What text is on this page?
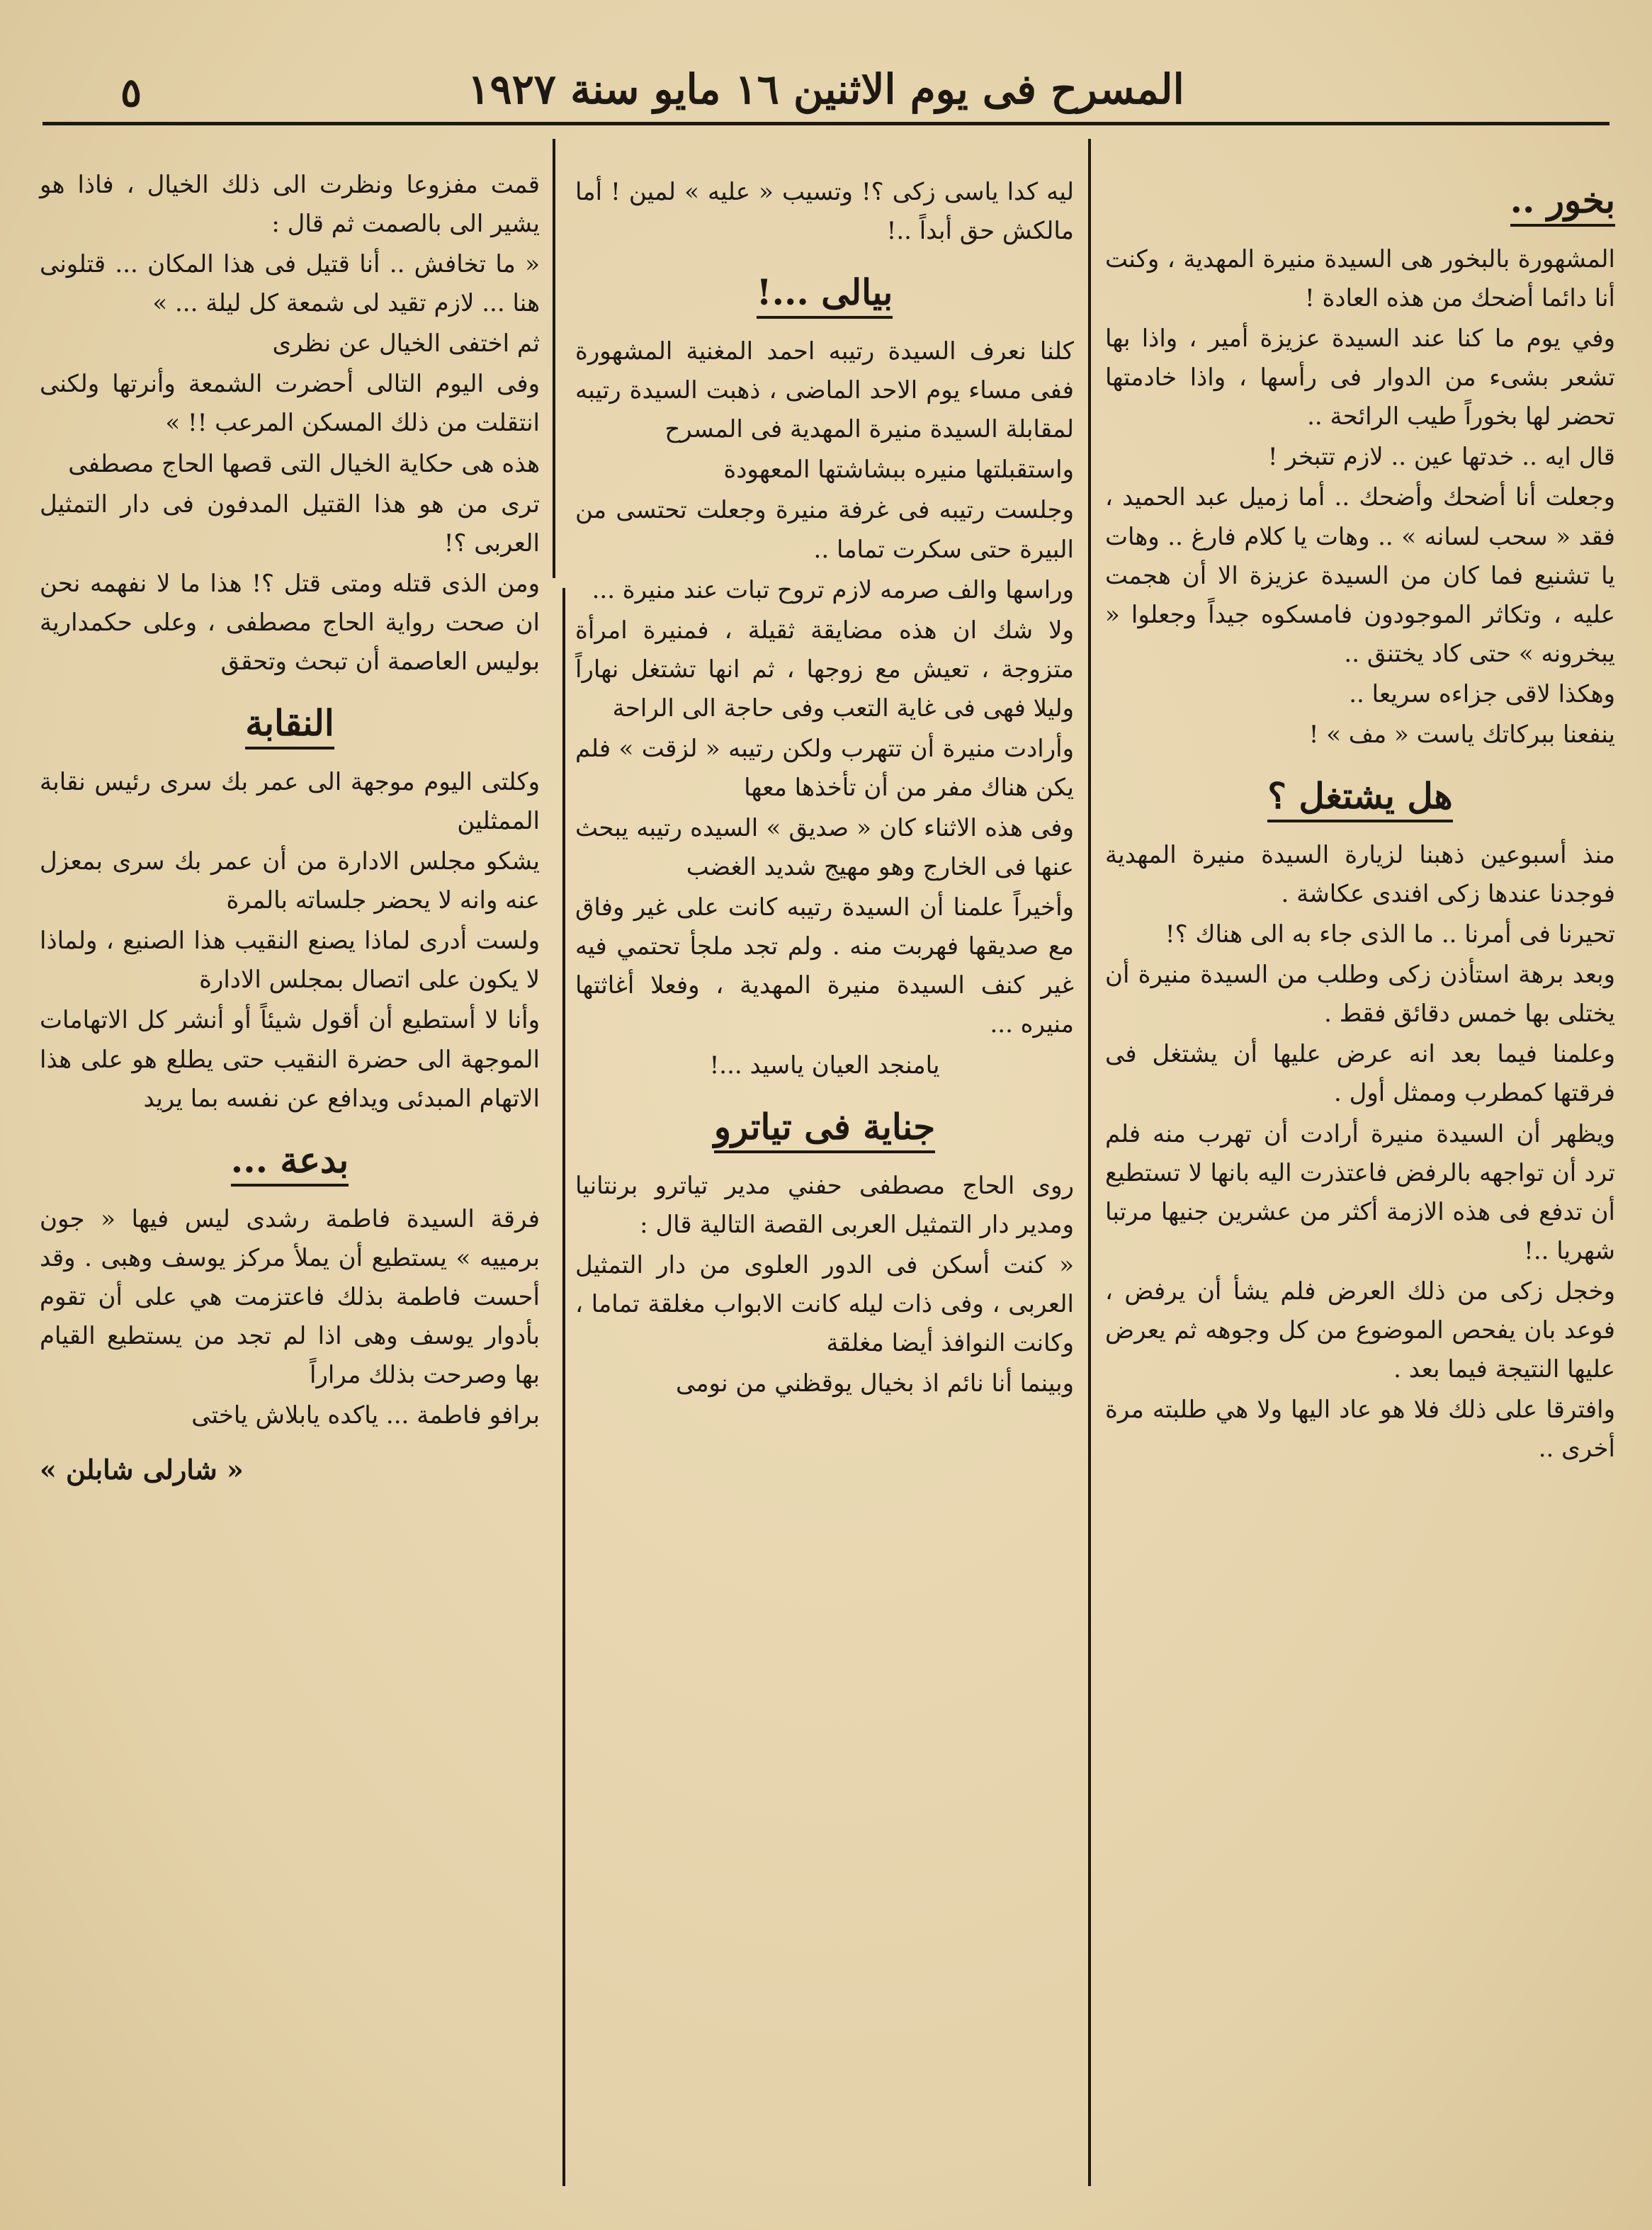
المسرح فى يوم الاثنين ١٦ مايو سنة ١٩٢٧
٥
بخور ..

المشهورة بالبخور هى السيدة منيرة المهدية ، وكنت أنا دائما أضحك من هذه العادة !

وفي يوم ما كنا عند السيدة عزيزة أمير ، واذا بها تشعر بشىء من الدوار فى رأسها ، واذا خادمتها تحضر لها بخوراً طيب الرائحة ..

قال ايه .. خدتها عين .. لازم تتبخر !

وجعلت أنا أضحك وأضحك .. أما زميل عبد الحميد ، فقد « سحب لسانه » .. وهات يا كلام فارغ .. وهات يا تشنيع فما كان من السيدة عزيزة الا أن هجمت عليه ، وتكاثر الموجودون فامسكوه جيداً وجعلوا « يبخرونه » حتى كاد يختنق ..

وهكذا لاقى جزاءه سريعا ..

ينفعنا ببركاتك ياست « مف » !

هل يشتغل ؟

منذ أسبوعين ذهبنا لزيارة السيدة منيرة المهدية فوجدنا عندها زكى افندى عكاشة .

تحيرنا فى أمرنا .. ما الذى جاء به الى هناك ؟!

وبعد برهة استأذن زكى وطلب من السيدة منيرة أن يختلى بها خمس دقائق فقط .

وعلمنا فيما بعد انه عرض عليها أن يشتغل فى فرقتها كمطرب وممثل أول .

ويظهر أن السيدة منيرة أرادت أن تهرب منه فلم ترد أن تواجهه بالرفض فاعتذرت اليه بانها لا تستطيع أن تدفع فى هذه الازمة أكثر من عشرين جنيها مرتبا شهريا ..!

وخجل زكى من ذلك العرض فلم يشأ أن يرفض ، فوعد بان يفحص الموضوع من كل وجوهه ثم يعرض عليها النتيجة فيما بعد .

وافترقا على ذلك فلا هو عاد اليها ولا هي طلبته مرة أخرى ..

ليه كدا ياسى زكى ؟! وتسيب « عليه » لمين ! أما مالكش حق أبداً ..!

بيالى ...!

كلنا نعرف السيدة رتيبه احمد المغنية المشهورة ففى مساء يوم الاحد الماضى ، ذهبت السيدة رتيبه لمقابلة السيدة منيرة المهدية فى المسرح

واستقبلتها منيره ببشاشتها المعهودة

وجلست رتيبه فى غرفة منيرة وجعلت تحتسى من البيرة حتى سكرت تماما ..

وراسها والف صرمه لازم تروح تبات عند منيرة ...

ولا شك ان هذه مضايقة ثقيلة ، فمنيرة امرأة متزوجة ، تعيش مع زوجها ، ثم انها تشتغل نهاراً وليلا فهى فى غاية التعب وفى حاجة الى الراحة

وأرادت منيرة أن تتهرب ولكن رتيبه « لزقت » فلم يكن هناك مفر من أن تأخذها معها

وفى هذه الاثناء كان « صديق » السيده رتيبه يبحث عنها فى الخارج وهو مهيج شديد الغضب

وأخيراً علمنا أن السيدة رتيبه كانت على غير وفاق مع صديقها فهربت منه . ولم تجد ملجأ تحتمي فيه غير كنف السيدة منيرة المهدية ، وفعلا أغاثتها منيره ...

يامنجد العيان ياسيد ...!

جناية فى تياترو

روى الحاج مصطفى حفني مدير تياترو برنتانيا ومدير دار التمثيل العربى القصة التالية قال :

« كنت أسكن فى الدور العلوى من دار التمثيل العربى ، وفى ذات ليله كانت الابواب مغلقة تماما ، وكانت النوافذ أيضا مغلقة

وبينما أنا نائم اذ بخيال يوقظني من نومى

قمت مفزوعا ونظرت الى ذلك الخيال ، فاذا هو يشير الى بالصمت ثم قال :

« ما تخافش .. أنا قتيل فى هذا المكان ... قتلونى هنا ... لازم تقيد لى شمعة كل ليلة ... »

ثم اختفى الخيال عن نظرى

وفى اليوم التالى أحضرت الشمعة وأنرتها ولكنى انتقلت من ذلك المسكن المرعب !! »

هذه هى حكاية الخيال التى قصها الحاج مصطفى

ترى من هو هذا القتيل المدفون فى دار التمثيل العربى ؟!

ومن الذى قتله ومتى قتل ؟! هذا ما لا نفهمه نحن ان صحت رواية الحاج مصطفى ، وعلى حكمدارية بوليس العاصمة أن تبحث وتحقق

النقابة

وكلتى اليوم موجهة الى عمر بك سرى رئيس نقابة الممثلين

يشكو مجلس الادارة من أن عمر بك سرى بمعزل عنه وانه لا يحضر جلساته بالمرة

ولست أدرى لماذا يصنع النقيب هذا الصنيع ، ولماذا لا يكون على اتصال بمجلس الادارة

وأنا لا أستطيع أن أقول شيئاً أو أنشر كل الاتهامات الموجهة الى حضرة النقيب حتى يطلع هو على هذا الاتهام المبدئى ويدافع عن نفسه بما يريد

بدعة ...

فرقة السيدة فاطمة رشدى ليس فيها « جون برمييه » يستطيع أن يملأ مركز يوسف وهبى . وقد أحست فاطمة بذلك فاعتزمت هي على أن تقوم بأدوار يوسف وهى اذا لم تجد من يستطيع القيام بها وصرحت بذلك مراراً

برافو فاطمة ... ياكده يابلاش ياختى

« شارلى شابلن »
